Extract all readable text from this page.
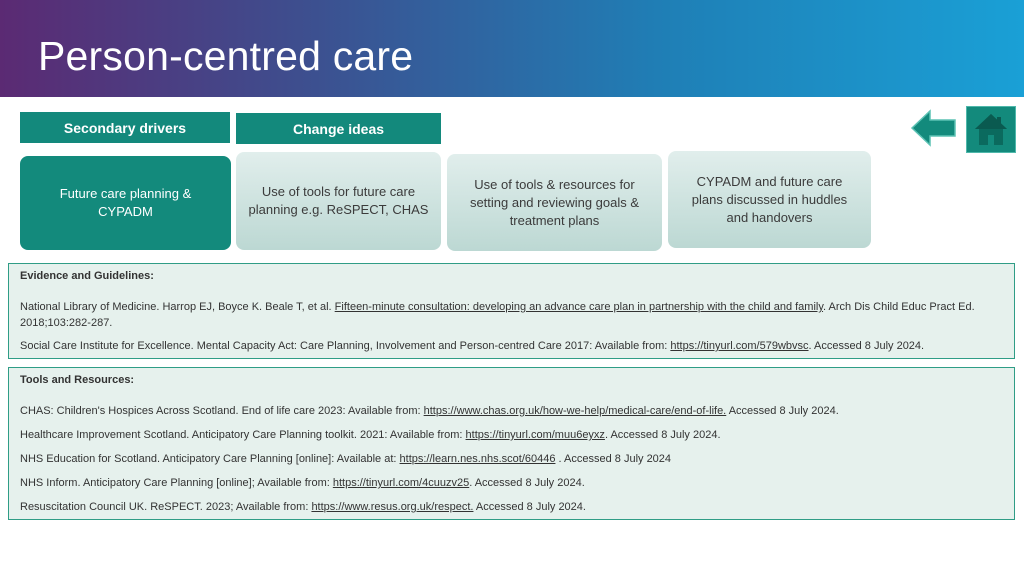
Person-centred care
Secondary drivers	Change ideas
Future care planning & CYPADM
Use of tools for future care planning e.g. ReSPECT, CHAS
Use of tools & resources for setting and reviewing goals & treatment plans
CYPADM and future care plans discussed in huddles and handovers
Evidence and Guidelines:
National Library of Medicine. Harrop EJ, Boyce K. Beale T, et al. Fifteen-minute consultation: developing an advance care plan in partnership with the child and family. Arch Dis Child Educ Pract Ed. 2018;103:282-287.
Social Care Institute for Excellence. Mental Capacity Act: Care Planning, Involvement and Person-centred Care 2017: Available from: https://tinyurl.com/579wbvsc. Accessed 8 July 2024.
Tools and Resources:
CHAS: Children's Hospices Across Scotland. End of life care 2023: Available from: https://www.chas.org.uk/how-we-help/medical-care/end-of-life. Accessed 8 July 2024.
Healthcare Improvement Scotland. Anticipatory Care Planning toolkit. 2021: Available from: https://tinyurl.com/muu6eyxz. Accessed 8 July 2024.
NHS Education for Scotland. Anticipatory Care Planning [online]: Available at: https://learn.nes.nhs.scot/60446 . Accessed 8 July 2024
NHS Inform. Anticipatory Care Planning [online]; Available from: https://tinyurl.com/4cuuzv25. Accessed 8 July 2024.
Resuscitation Council UK. ReSPECT. 2023; Available from: https://www.resus.org.uk/respect. Accessed 8 July 2024.
